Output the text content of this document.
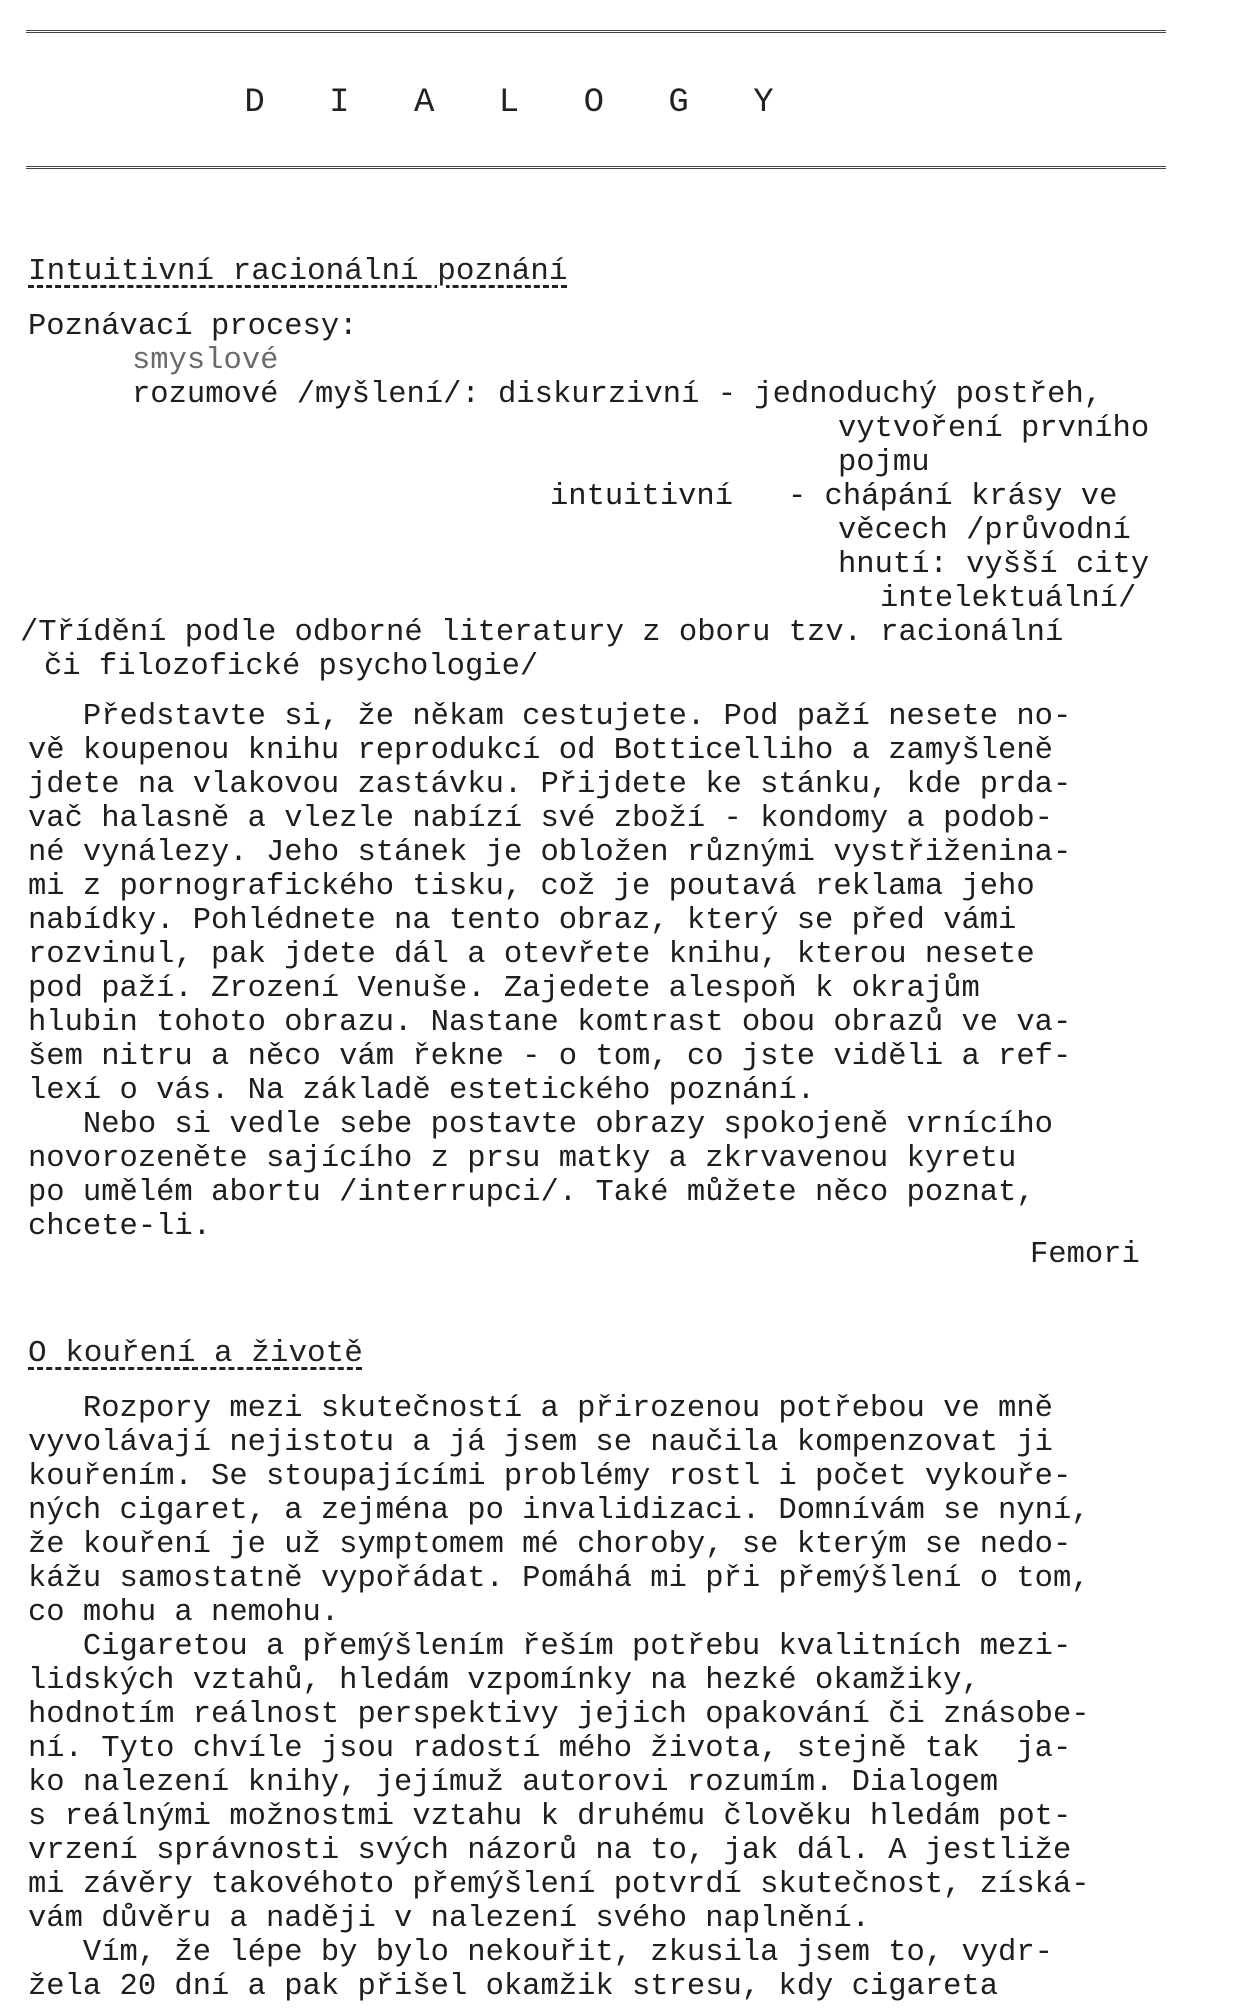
D I A L O G Y
Intuitivní racionální poznání
Poznávací procesy:
smyslové
rozumové /myšlení/: diskurzivní - jednoduchý postřeh,
vytvoření prvního
pojmu
intuitivní   - chápání krásy ve
věcech /průvodní
hnutí: vyšší city
intelektuální/
/Třídění podle odborné literatury z oboru tzv. racionální
či filozofické psychologie/
Představte si, že někam cestujete. Pod paží nesete no-
vě koupenou knihu reprodukcí od Botticelliho a zamyšleně
jdete na vlakovou zastávku. Přijdete ke stánku, kde prda-
vač halasně a vlezle nabízí své zboží - kondomy a podob-
né vynálezy. Jeho stánek je obložen různými vystřiženina-
mi z pornografického tisku, což je poutavá reklama jeho
nabídky. Pohlédnete na tento obraz, který se před vámi
rozvinul, pak jdete dál a otevřete knihu, kterou nesete
pod paží. Zrození Venuše. Zajedete alespoň k okrajům
hlubin tohoto obrazu. Nastane komtrast obou obrazů ve va-
šem nitru a něco vám řekne - o tom, co jste viděli a ref-
lexí o vás. Na základě estetického poznání.
Nebo si vedle sebe postavte obrazy spokojeně vrnícího
novorozeněte sajícího z prsu matky a zkrvavenou kyretu
po umělém abortu /interrupci/. Také můžete něco poznat,
chcete-li.
Femori
O kouření a životě
Rozpory mezi skutečností a přirozenou potřebou ve mně
vyvolávají nejistotu a já jsem se naučila kompenzovat ji
kouřením. Se stoupajícími problémy rostl i počet vykouře-
ných cigaret, a zejména po invalidizaci. Domnívám se nyní,
že kouření je už symptomem mé choroby, se kterým se nedo-
kážu samostatně vypořádat. Pomáhá mi při přemýšlení o tom,
co mohu a nemohu.
Cigaretou a přemýšlením řeším potřebu kvalitních mezi-
lidských vztahů, hledám vzpomínky na hezké okamžiky,
hodnotím reálnost perspektivy jejich opakování či znásobe-
ní. Tyto chvíle jsou radostí mého života, stejně tak  ja-
ko nalezení knihy, jejímuž autorovi rozumím. Dialogem
s reálnými možnostmi vztahu k druhému člověku hledám pot-
vrzení správnosti svých názorů na to, jak dál. A jestliže
mi závěry takovéhoto přemýšlení potvrdí skutečnost, získá-
vám důvěru a naději v nalezení svého naplnění.
Vím, že lépe by bylo nekouřit, zkusila jsem to, vydr-
žela 20 dní a pak přišel okamžik stresu, kdy cigareta
